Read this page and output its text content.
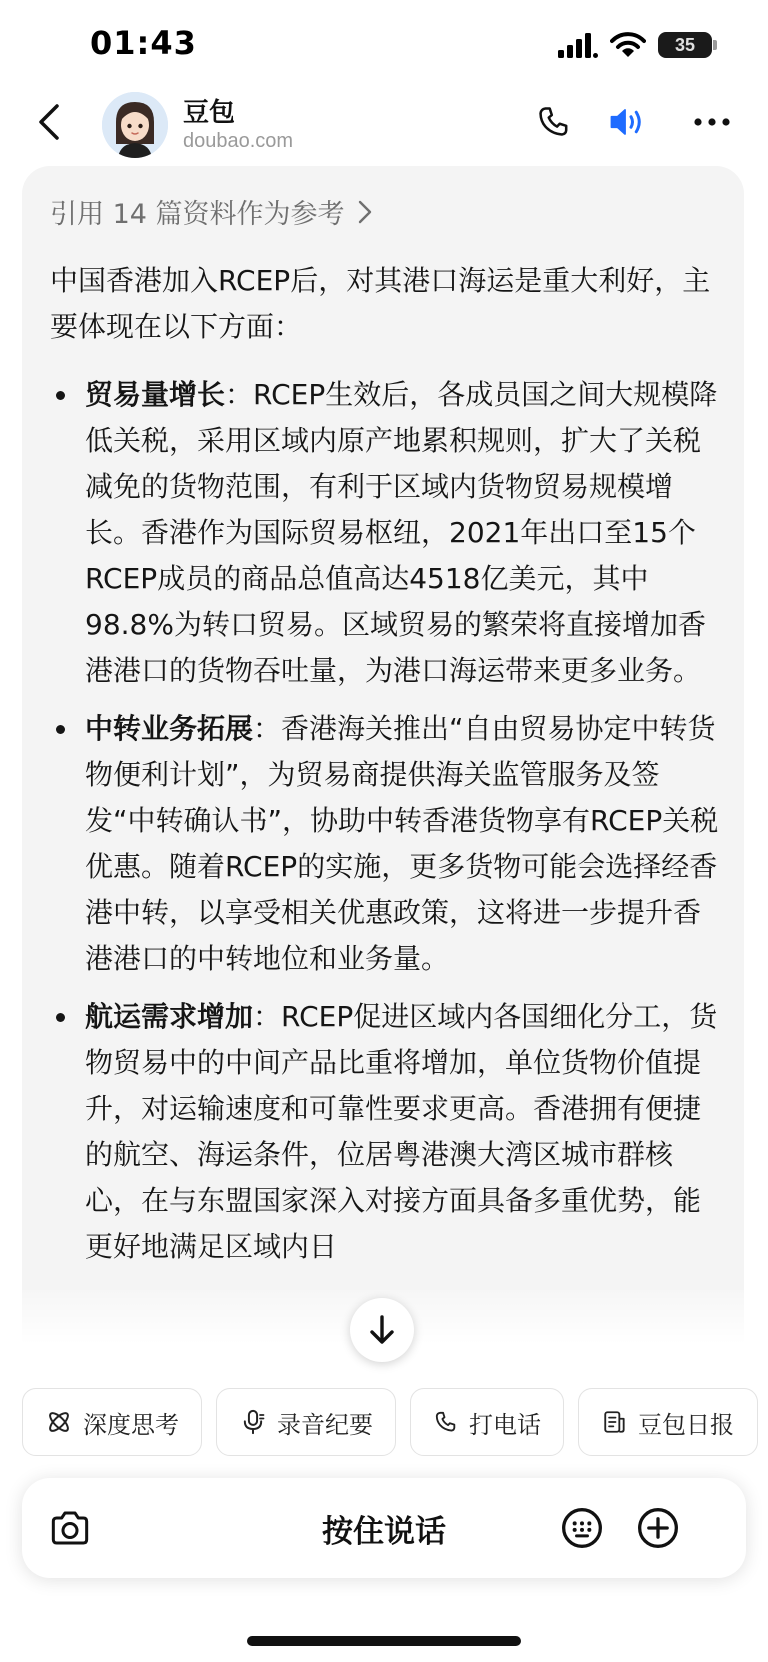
01:43	35
豆包
doubao.com
引用 14 篇资料作为参考

中国香港加入RCEP后，对其港口海运是重大利好，主要体现在以下方面：

贸易量增长：RCEP生效后，各成员国之间大规模降低关税，采用区域内原产地累积规则，扩大了关税减免的货物范围，有利于区域内货物贸易规模增长。香港作为国际贸易枢纽，2021年出口至15个RCEP成员的商品总值高达4518亿美元，其中98.8%为转口贸易。区域贸易的繁荣将直接增加香港港口的货物吞吐量，为港口海运带来更多业务。
中转业务拓展：香港海关推出“自由贸易协定中转货物便利计划”，为贸易商提供海关监管服务及签发“中转确认书”，协助中转香港货物享有RCEP关税优惠。随着RCEP的实施，更多货物可能会选择经香港中转，以享受相关优惠政策，这将进一步提升香港港口的中转地位和业务量。
航运需求增加：RCEP促进区域内各国细化分工，货物贸易中的中间产品比重将增加，单位货物价值提升，对运输速度和可靠性要求更高。香港拥有便捷的航空、海运条件，位居粤港澳大湾区城市群核心，在与东盟国家深入对接方面具备多重优势，能更好地满足区域内日
深度思考	录音纪要	打电话	豆包日报
按住说话
